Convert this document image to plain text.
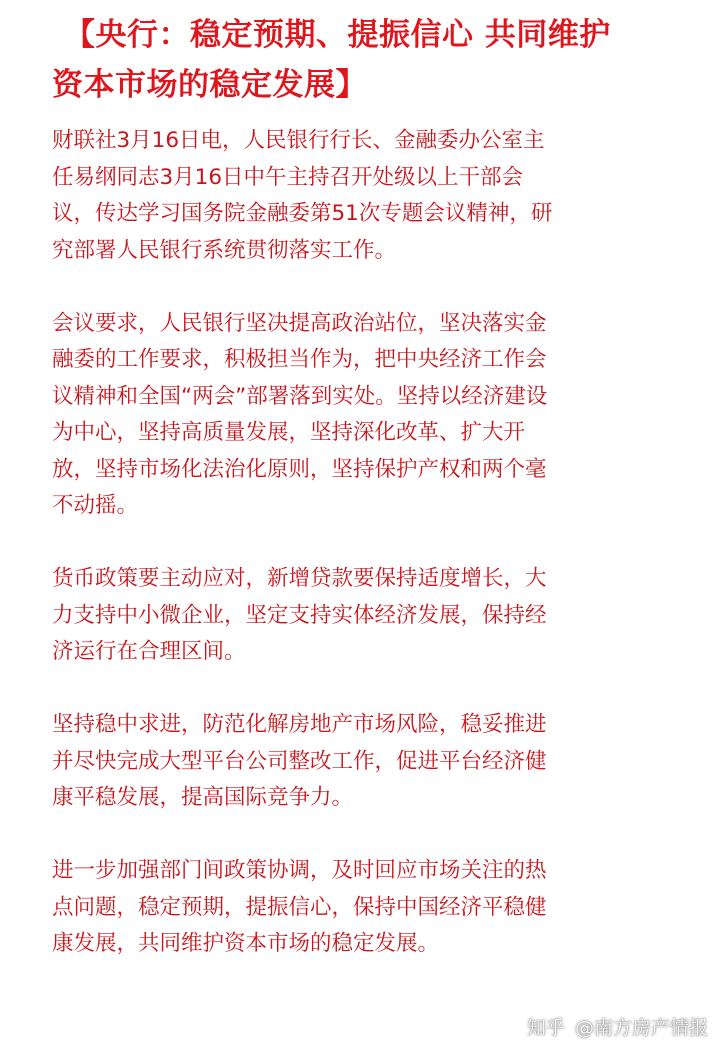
【央行：稳定预期、提振信心 共同维护
资本市场的稳定发展】

财联社3月16日电，人民银行行长、金融委办公室主
任易纲同志3月16日中午主持召开处级以上干部会
议，传达学习国务院金融委第51次专题会议精神，研
究部署人民银行系统贯彻落实工作。

会议要求，人民银行坚决提高政治站位，坚决落实金
融委的工作要求，积极担当作为，把中央经济工作会
议精神和全国“两会”部署落到实处。坚持以经济建设
为中心，坚持高质量发展，坚持深化改革、扩大开
放，坚持市场化法治化原则，坚持保护产权和两个毫
不动摇。

货币政策要主动应对，新增贷款要保持适度增长，大
力支持中小微企业，坚定支持实体经济发展，保持经
济运行在合理区间。

坚持稳中求进，防范化解房地产市场风险，稳妥推进
并尽快完成大型平台公司整改工作，促进平台经济健
康平稳发展，提高国际竞争力。

进一步加强部门间政策协调，及时回应市场关注的热
点问题，稳定预期，提振信心，保持中国经济平稳健
康发展，共同维护资本市场的稳定发展。

知乎 @南方房产情报
